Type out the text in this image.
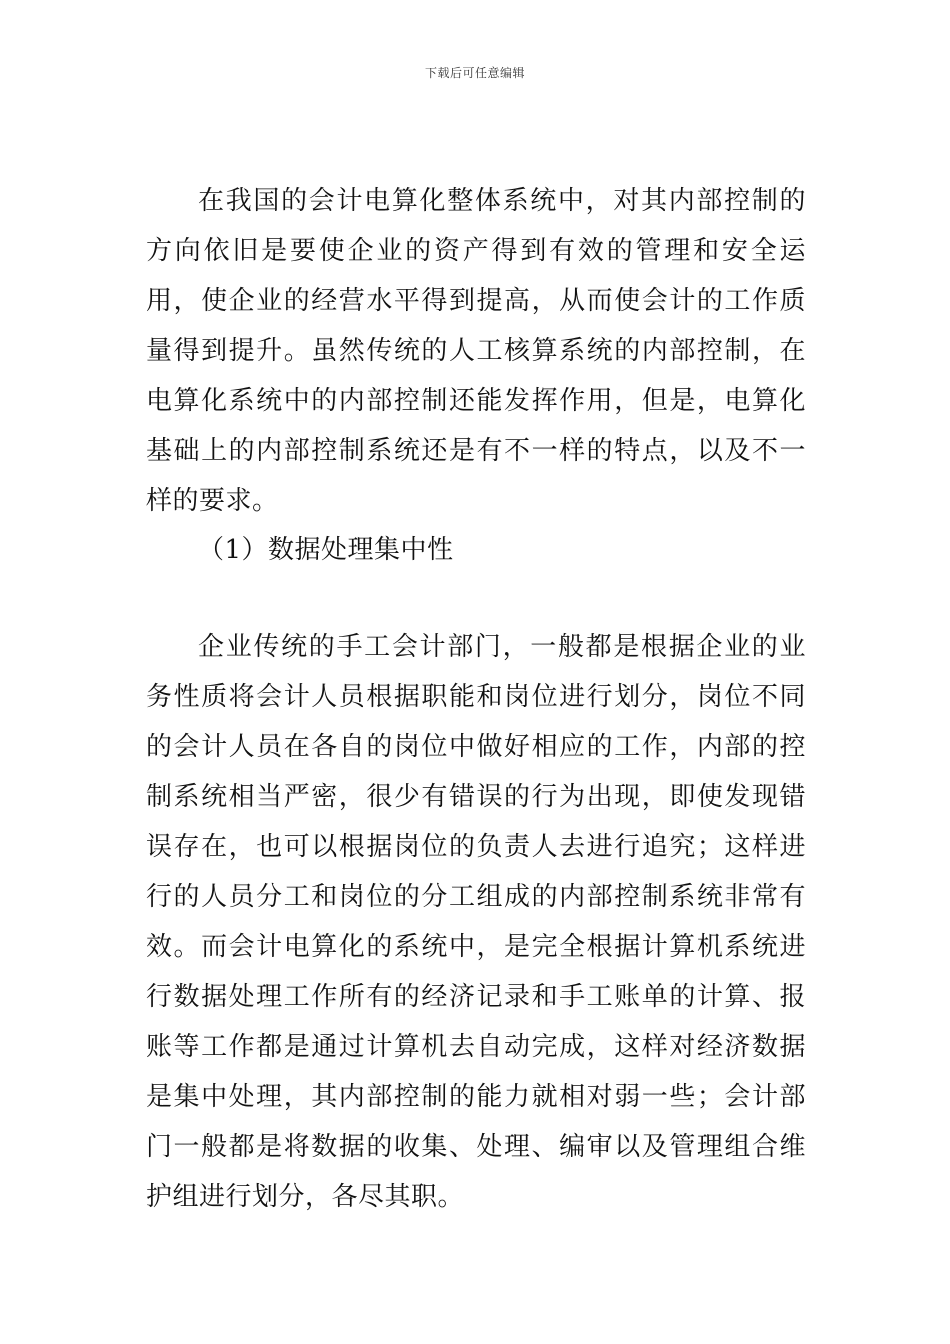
下载后可任意编辑

在我国的会计电算化整体系统中，对其内部控制的方向依旧是要使企业的资产得到有效的管理和安全运用，使企业的经营水平得到提高，从而使会计的工作质量得到提升。虽然传统的人工核算系统的内部控制，在电算化系统中的内部控制还能发挥作用，但是，电算化基础上的内部控制系统还是有不一样的特点，以及不一样的要求。

（1）数据处理集中性

企业传统的手工会计部门，一般都是根据企业的业务性质将会计人员根据职能和岗位进行划分，岗位不同的会计人员在各自的岗位中做好相应的工作，内部的控制系统相当严密，很少有错误的行为出现，即使发现错误存在，也可以根据岗位的负责人去进行追究；这样进行的人员分工和岗位的分工组成的内部控制系统非常有效。而会计电算化的系统中，是完全根据计算机系统进行数据处理工作所有的经济记录和手工账单的计算、报账等工作都是通过计算机去自动完成，这样对经济数据是集中处理，其内部控制的能力就相对弱一些；会计部门一般都是将数据的收集、处理、编审以及管理组合维护组进行划分，各尽其职。
